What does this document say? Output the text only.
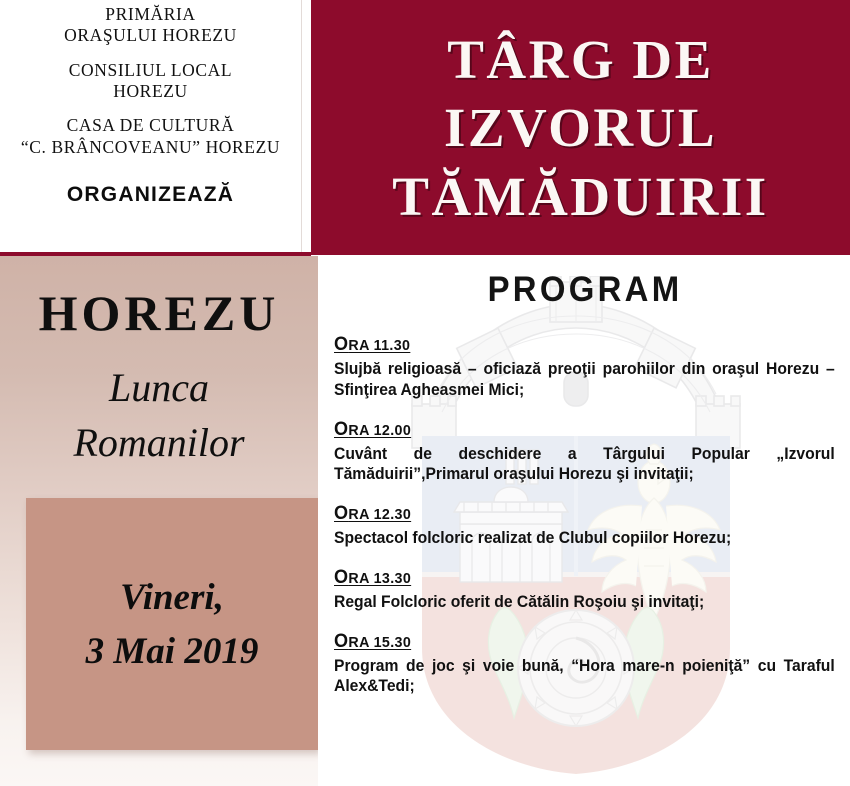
PRIMĂRIA
ORAŞULUI HOREZU
CONSILIUL LOCAL
HOREZU
CASA DE CULTURĂ
“C. BRÂNCOVEANU” HOREZU
ORGANIZEAZĂ
TÂRG DE
IZVORUL
TĂMĂDUIRII
HOREZU
Lunca
Romanilor
Vineri,
3 Mai 2019
PROGRAM
ORA 11.30
Slujbă religioasă – oficiază preoţii parohiilor din oraşul Horezu – Sfinţirea Agheasmei Mici;
ORA 12.00
Cuvânt de deschidere a Târgului Popular „Izvorul Tămăduirii”,Primarul oraşului Horezu şi invitaţii;
ORA 12.30
Spectacol folcloric realizat de Clubul copiilor Horezu;
ORA 13.30
Regal Folcloric oferit de Cătălin Roşoiu şi invitaţi;
ORA 15.30
Program de joc şi voie bună, “Hora mare-n poieniţă” cu Taraful Alex&Tedi;
